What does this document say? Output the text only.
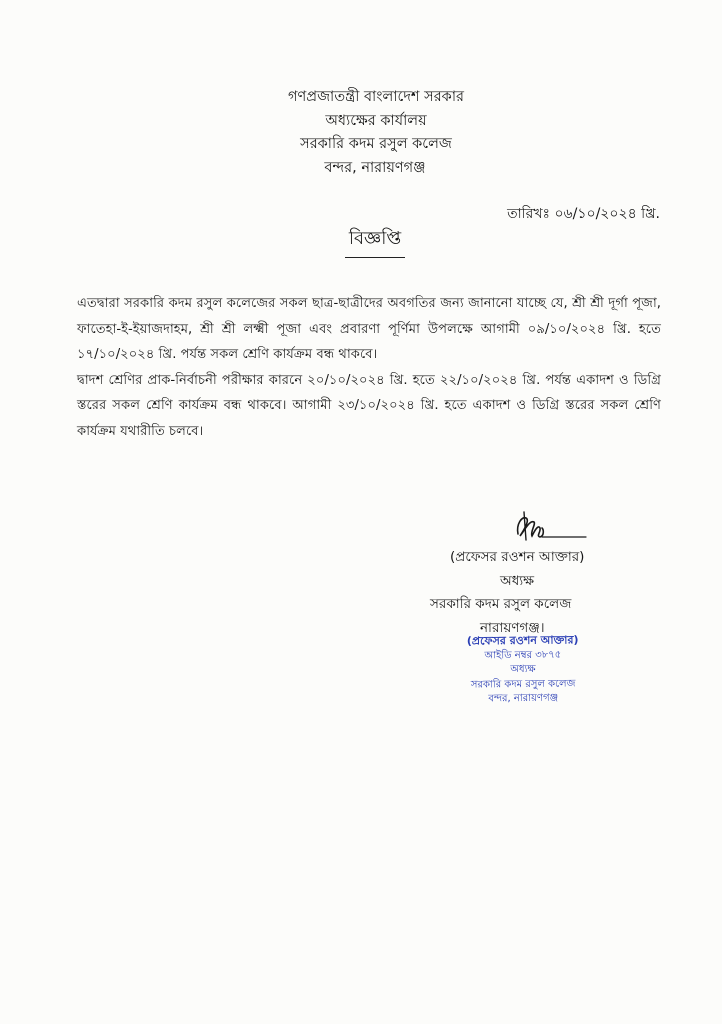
গণপ্রজাতন্ত্রী বাংলাদেশ সরকার
অধ্যক্ষের কার্যালয়
সরকারি কদম রসুল কলেজ
বন্দর, নারায়ণগঞ্জ
তারিখঃ ০৬/১০/২০২৪ খ্রি.
বিজ্ঞপ্তি

এতদ্বারা সরকারি কদম রসুল কলেজের সকল ছাত্র-ছাত্রীদের অবগতির জন্য জানানো যাচ্ছে যে, শ্রী শ্রী দূর্গা পূজা, ফাতেহা-ই-ইয়াজদাহম, শ্রী শ্রী লক্ষ্মী পূজা এবং প্রবারণা পূর্ণিমা উপলক্ষে আগামী ০৯/১০/২০২৪ খ্রি. হতে ১৭/১০/২০২৪ খ্রি. পর্যন্ত সকল শ্রেণি কার্যক্রম বন্ধ থাকবে।

দ্বাদশ শ্রেণির প্রাক-নির্বাচনী পরীক্ষার কারনে ২০/১০/২০২৪ খ্রি. হতে ২২/১০/২০২৪ খ্রি. পর্যন্ত একাদশ ও ডিগ্রি স্তরের সকল শ্রেণি কার্যক্রম বন্ধ থাকবে। আগামী ২৩/১০/২০২৪ খ্রি. হতে একাদশ ও ডিগ্রি স্তরের সকল শ্রেণি কার্যক্রম যথারীতি চলবে।

(প্রফেসর রওশন আক্তার)
অধ্যক্ষ
সরকারি কদম রসুল কলেজ
নারায়ণগঞ্জ।
(প্রফেসর রওশন আক্তার)
আইডি নম্বর ৩৮৭৫
অধ্যক্ষ
সরকারি কদম রসুল কলেজ
বন্দর, নারায়ণগঞ্জ
